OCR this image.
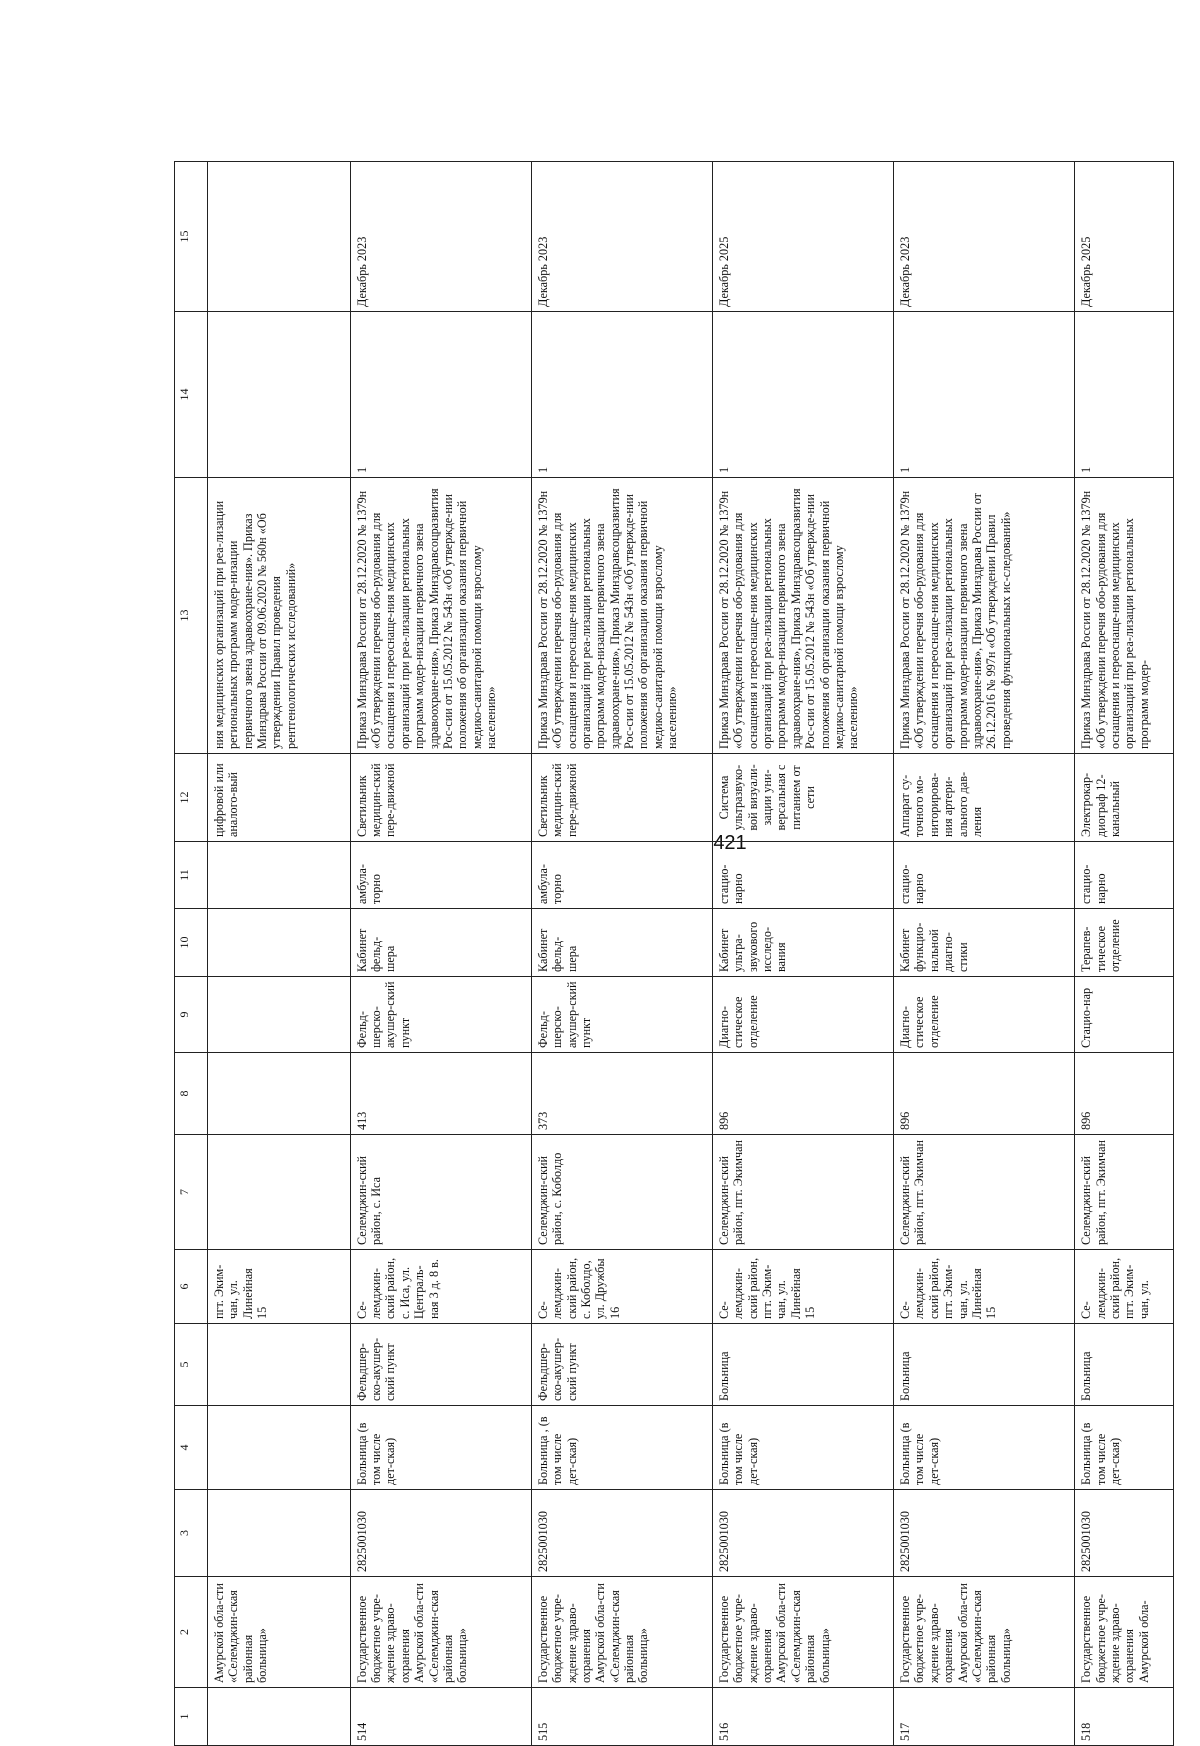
421
1	2	3	4	5	6	7	8	9	10	11	12	13	14	15
	Амурской обла-сти «Селемджин-ская районная больница»				пгт. Эким-чан, ул. Линейная 15						цифровой или аналого-вый	ния медицинских организаций при реа-лизации региональных программ модер-низации первичного звена здравоохране-ния». Приказ Минздрава России от 09.06.2020 № 560н «Об утверждении Правил проведения рентгенологических исследований»		
514	Государственное бюджетное учре-ждение здраво-охранения Амурской обла-сти «Селемджин-ская районная больница»	2825001030	Больница (в том числе дет-ская)	Фельдшер-ско-акушер-ский пункт	Се-лемджин-ский район, с. Иса, ул. Централь-ная 3 д. 8 в.	Селемджин-ский район, с. Иса	413	Фельд-шерско-акушер-ский пункт	Кабинет фельд-шера	амбула-торно	Светильник медицин-ский пере-движной	Приказ Минздрава России от 28.12.2020 № 1379н «Об утверждении перечня обо-рудования для оснащения и переоснаще-ния медицинских организаций при реа-лизации региональных программ модер-низации первичного звена здравоохране-ния», Приказ Минздравсоцразвития Рос-сии от 15.05.2012 № 543н «Об утвержде-нии положения об организации оказания первичной медико-санитарной помощи взрослому населению»	1	Декабрь 2023
515	Государственное бюджетное учре-ждение здраво-охранения Амурской обла-сти «Селемджин-ская районная больница»	2825001030	Больница , (в том числе дет-ская)	Фельдшер-ско-акушер-ский пункт	Се-лемджин-ский район, с. Коболдо, ул. Дружбы 16	Селемджин-ский район, с. Коболдо	373	Фельд-шерско-акушер-ский пункт	Кабинет фельд-шера	амбула-торно	Светильник медицин-ский пере-движной	Приказ Минздрава России от 28.12.2020 № 1379н «Об утверждении перечня обо-рудования для оснащения и переоснаще-ния медицинских организаций при реа-лизации региональных программ модер-низации первичного звена здравоохране-ния», Приказ Минздравсоцразвития Рос-сии от 15.05.2012 № 543н «Об утвержде-нии положения об организации оказания первичной медико-санитарной помощи взрослому населению»	1	Декабрь 2023
516	Государственное бюджетное учре-ждение здраво-охранения Амурской обла-сти «Селемджин-ская районная больница»	2825001030	Больница (в том числе дет-ская)	Больница	Се-лемджин-ский район, пгт. Эким-чан, ул. Линейная 15	Селемджин-ский район, пгт. Экимчан	896	Диагно-стическое отделение	Кабинет ультра-звукового исследо-вания	стацио-нарно	Система ультразвуко-вой визуали-зации уни-версальная с питанием от сети	Приказ Минздрава России от 28.12.2020 № 1379н «Об утверждении перечня обо-рудования для оснащения и переоснаще-ния медицинских организаций при реа-лизации региональных программ модер-низации первичного звена здравоохране-ния», Приказ Минздравсоцразвития Рос-сии от 15.05.2012 № 543н «Об утвержде-нии положения об организации оказания первичной медико-санитарной помощи взрослому населению»	1	Декабрь 2025
517	Государственное бюджетное учре-ждение здраво-охранения Амурской обла-сти «Селемджин-ская районная больница»	2825001030	Больница (в том числе дет-ская)	Больница	Се-лемджин-ский район, пгт. Эким-чан, ул. Линейная 15	Селемджин-ский район, пгт. Экимчан	896	Диагно-стическое отделение	Кабинет функцио-нальной диагно-стики	стацио-нарно	Аппарат су-точного мо-ниторирова-ния артери-ального дав-ления	Приказ Минздрава России от 28.12.2020 № 1379н «Об утверждении перечня обо-рудования для оснащения и переоснаще-ния медицинских организаций при реа-лизации региональных программ модер-низации первичного звена здравоохране-ния», Приказ Минздрава России от 26.12.2016 № 997н «Об утверждении Правил проведения функциональных ис-следований»	1	Декабрь 2023
518	Государственное бюджетное учре-ждение здраво-охранения Амурской обла-	2825001030	Больница (в том числе дет-ская)	Больница	Се-лемджин-ский район, пгт. Эким-чан, ул.	Селемджин-ский район, пгт. Экимчан	896	Стацио-нар	Терапев-тическое отделение	стацио-нарно	Электрокар-диограф 12-канальный	Приказ Минздрава России от 28.12.2020 № 1379н «Об утверждении перечня обо-рудования для оснащения и переоснаще-ния медицинских организаций при реа-лизации региональных программ модер-	1	Декабрь 2025
